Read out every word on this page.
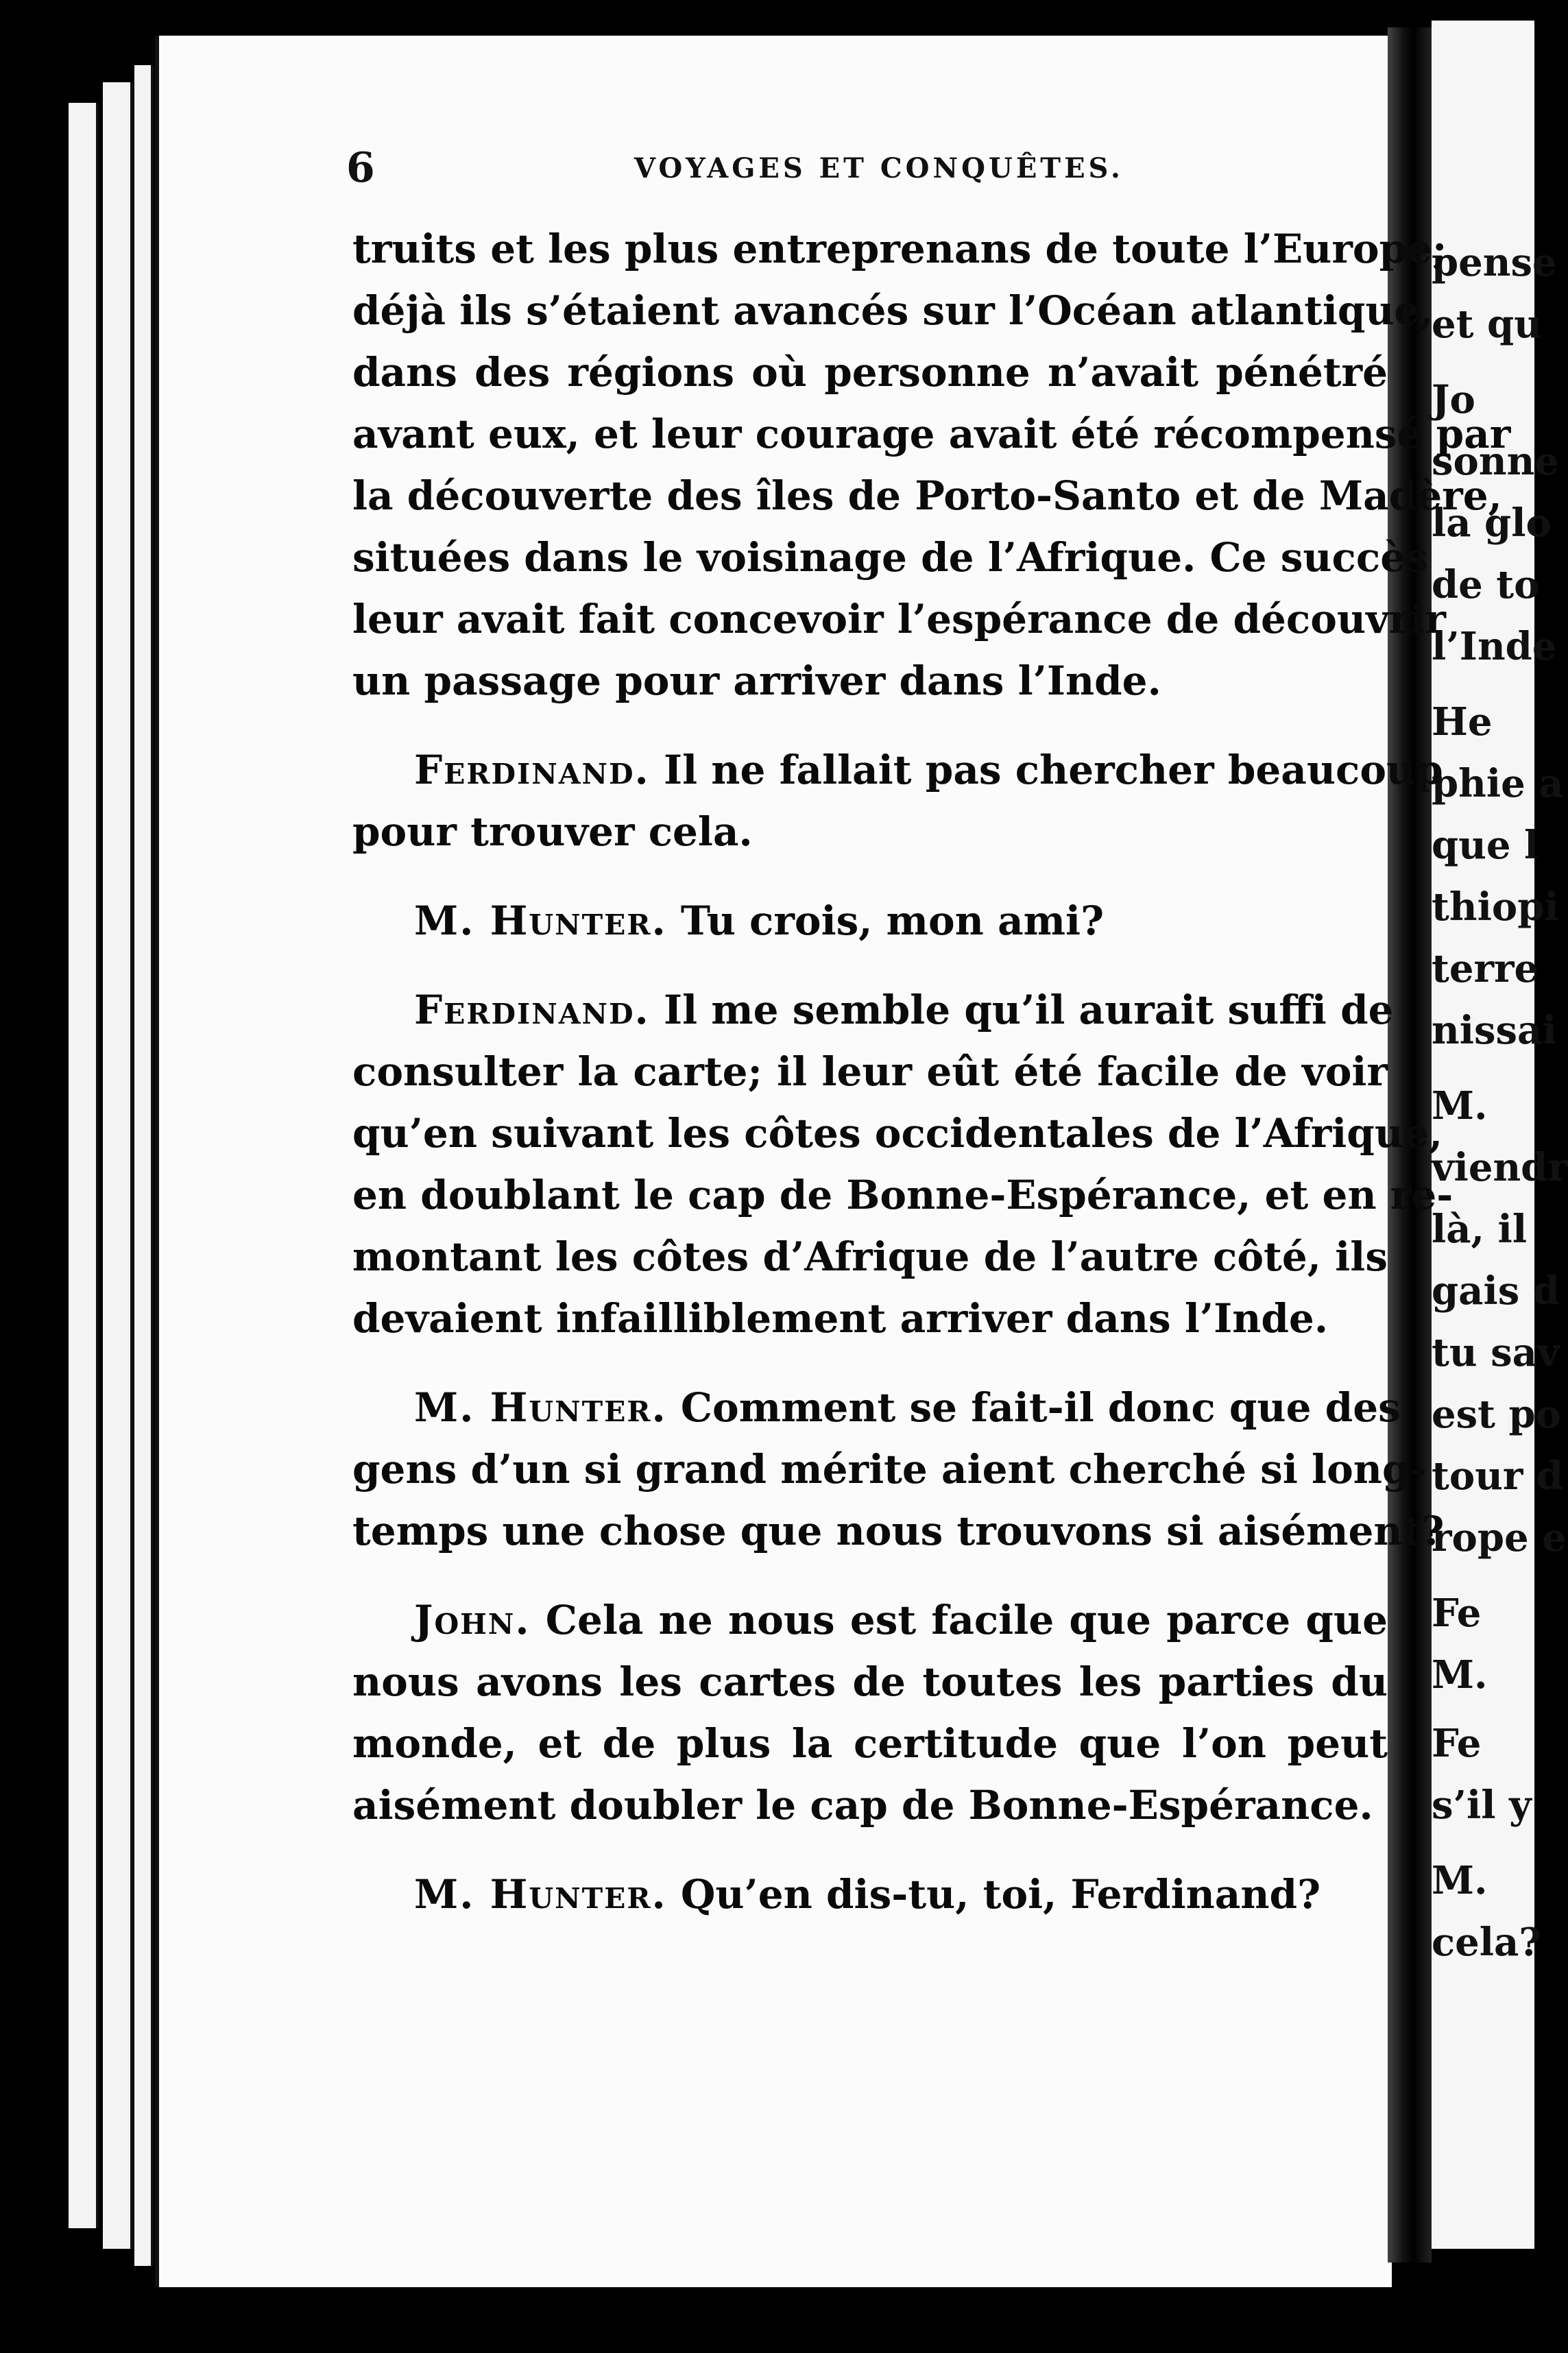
pense
et qu
Jo
sonne
la glo
de to
l’Inde
He
phie a
que l
thiopi
terre
nissai
M.
viendr
là, il
gais d
tu sav
est po
tour d
rope e
Fe
M.
Fe
s’il y
M.
cela?
6	VOYAGES ET CONQUÊTES.
truits et les plus entreprenans de toute l’Europe;
déjà ils s’étaient avancés sur l’Océan atlantique,
dans des régions où personne n’avait pénétré
avant eux, et leur courage avait été récompensé par
la découverte des îles de Porto-Santo et de Madère,
situées dans le voisinage de l’Afrique. Ce succès
leur avait fait concevoir l’espérance de découvrir
un passage pour arriver dans l’Inde.
Ferdinand. Il ne fallait pas chercher beaucoup
pour trouver cela.
M. Hunter. Tu crois, mon ami?
Ferdinand. Il me semble qu’il aurait suffi de
consulter la carte; il leur eût été facile de voir
qu’en suivant les côtes occidentales de l’Afrique,
en doublant le cap de Bonne-Espérance, et en re-
montant les côtes d’Afrique de l’autre côté, ils
devaient infailliblement arriver dans l’Inde.
M. Hunter. Comment se fait-il donc que des
gens d’un si grand mérite aient cherché si long-
temps une chose que nous trouvons si aisément?
John. Cela ne nous est facile que parce que
nous avons les cartes de toutes les parties du
monde, et de plus la certitude que l’on peut
aisément doubler le cap de Bonne-Espérance.
M. Hunter. Qu’en dis-tu, toi, Ferdinand?
